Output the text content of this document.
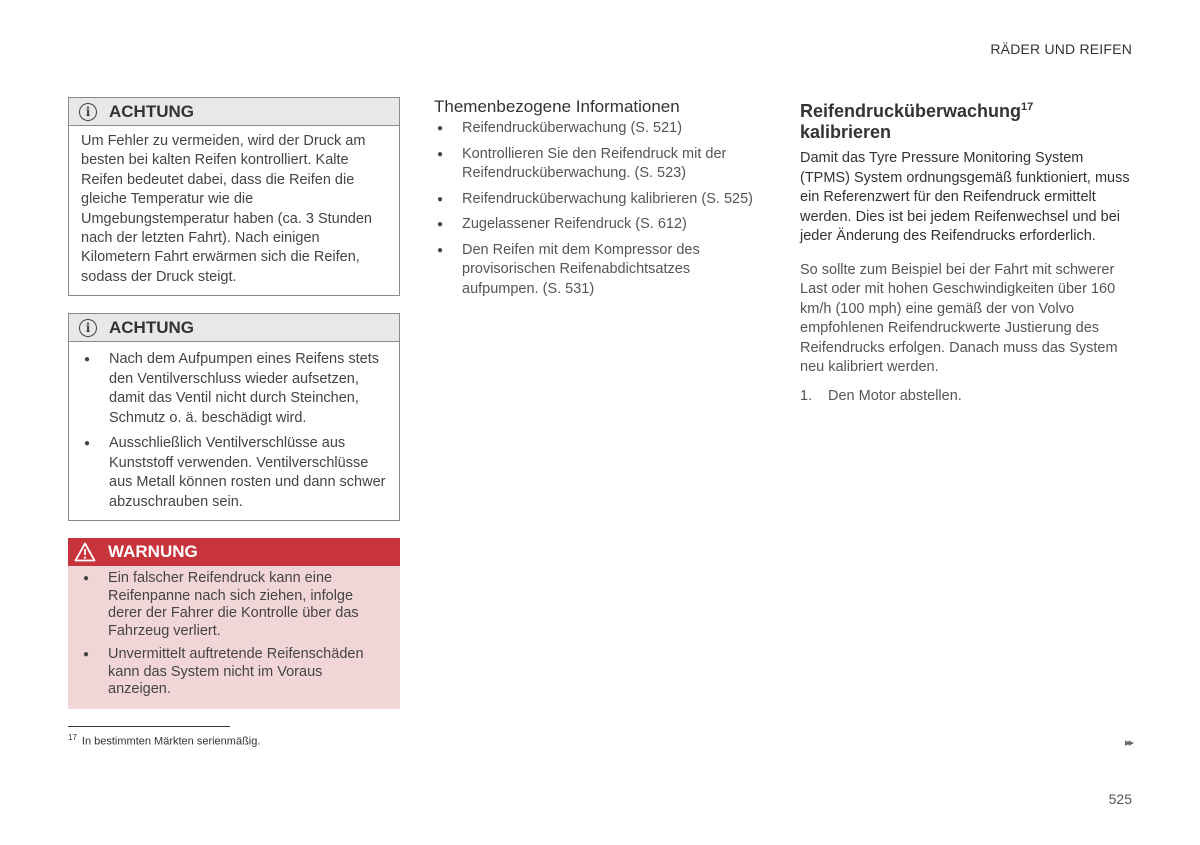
RÄDER UND REIFEN
i	ACHTUNG
Um Fehler zu vermeiden, wird der Druck am besten bei kalten Reifen kontrolliert. Kalte Reifen bedeutet dabei, dass die Reifen die gleiche Temperatur wie die Umgebungstemperatur haben (ca. 3 Stunden nach der letzten Fahrt). Nach einigen Kilometern Fahrt erwärmen sich die Reifen, sodass der Druck steigt.
i	ACHTUNG
● Nach dem Aufpumpen eines Reifens stets den Ventilverschluss wieder aufsetzen, damit das Ventil nicht durch Steinchen, Schmutz o. ä. beschädigt wird.
● Ausschließlich Ventilverschlüsse aus Kunststoff verwenden. Ventilverschlüsse aus Metall können rosten und dann schwer abzuschrauben sein.
WARNUNG
● Ein falscher Reifendruck kann eine Reifenpanne nach sich ziehen, infolge derer der Fahrer die Kontrolle über das Fahrzeug verliert.
● Unvermittelt auftretende Reifenschäden kann das System nicht im Voraus anzeigen.
Themenbezogene Informationen
● Reifendrucküberwachung (S. 521)
● Kontrollieren Sie den Reifendruck mit der Reifendrucküberwachung. (S. 523)
● Reifendrucküberwachung kalibrieren (S. 525)
● Zugelassener Reifendruck (S. 612)
● Den Reifen mit dem Kompressor des provisorischen Reifenabdichtsatzes aufpumpen. (S. 531)
Reifendrucküberwachung$^{17}$
kalibrieren

Damit das Tyre Pressure Monitoring System (TPMS) System ordnungsgemäß funktioniert, muss ein Referenzwert für den Reifendruck ermittelt werden. Dies ist bei jedem Reifenwechsel und bei jeder Änderung des Reifendrucks erforderlich.

So sollte zum Beispiel bei der Fahrt mit schwerer Last oder mit hohen Geschwindigkeiten über 160 km/h (100 mph) eine gemäß der von Volvo empfohlenen Reifendruckwerte Justierung des Reifendrucks erfolgen. Danach muss das System neu kalibriert werden.

1. Den Motor abstellen.
$^{17}$ In bestimmten Märkten serienmäßig.	▸▸
525
